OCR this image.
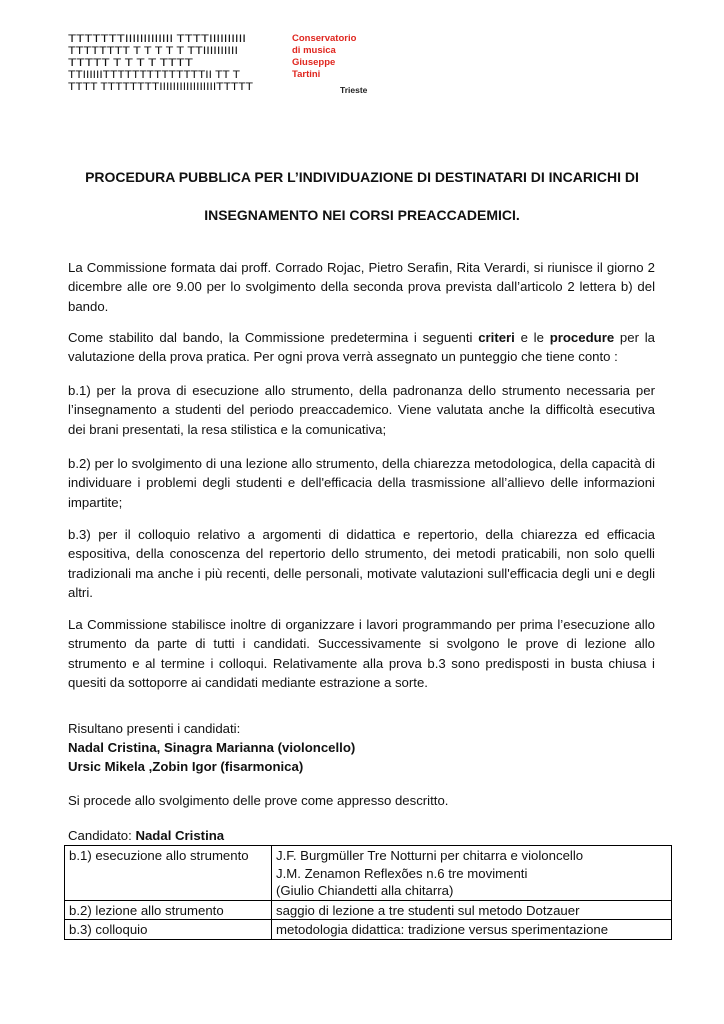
TTTTTTTIIIIIIIIIIIII TTTTIIIIIIIIII
TTTTTTTT T T T T T TTIIIIIIIIII
TTTTT T T T T TTTT
TTIIIIIITTTTTTTTTTTTTTII TT T
TTTT TTTTTTTTIIIIIIIIIIIIIIIIITTTTT
Conservatorio
di musica
Giuseppe
Tartini
Trieste
PROCEDURA PUBBLICA PER L’INDIVIDUAZIONE DI DESTINATARI DI INCARICHI DI
INSEGNAMENTO NEI CORSI PREACCADEMICI.
La Commissione formata dai proff. Corrado Rojac, Pietro Serafin, Rita Verardi, si riunisce il giorno 2 dicembre alle ore 9.00 per lo svolgimento della seconda prova prevista dall’articolo 2 lettera b) del bando.
Come stabilito dal bando, la Commissione predetermina i seguenti criteri e le procedure per la valutazione della prova pratica. Per ogni prova verrà assegnato un punteggio che tiene conto :
b.1) per la prova di esecuzione allo strumento, della padronanza dello strumento necessaria per l’insegnamento a studenti del periodo preaccademico. Viene valutata anche la difficoltà esecutiva dei brani presentati, la resa stilistica e la comunicativa;
b.2) per lo svolgimento di una lezione allo strumento, della chiarezza metodologica, della capacità di individuare i problemi degli studenti e dell'efficacia della trasmissione all’allievo delle informazioni impartite;
b.3) per il colloquio relativo a argomenti di didattica e repertorio, della chiarezza ed efficacia espositiva, della conoscenza del repertorio dello strumento, dei metodi praticabili, non solo quelli tradizionali ma anche i più recenti, delle personali, motivate valutazioni sull'efficacia degli uni e degli altri.
La Commissione stabilisce inoltre di organizzare i lavori programmando per prima l’esecuzione allo strumento da parte di tutti i candidati. Successivamente si svolgono le prove di lezione allo strumento e al termine i colloqui. Relativamente alla prova b.3 sono predisposti in busta chiusa i quesiti da sottoporre ai candidati mediante estrazione a sorte.
Risultano presenti i candidati:
Nadal Cristina, Sinagra Marianna (violoncello)
Ursic Mikela ,Zobin Igor (fisarmonica)
Si procede allo svolgimento delle prove come appresso descritto.
Candidato: Nadal Cristina
b.1) esecuzione allo strumento	J.F. Burgmüller Tre Notturni per chitarra e violoncello
J.M. Zenamon Reflexões n.6 tre movimenti
(Giulio Chiandetti alla chitarra)

b.2) lezione allo strumento	saggio di lezione a tre studenti sul metodo Dotzauer

b.3) colloquio	metodologia didattica: tradizione versus sperimentazione
